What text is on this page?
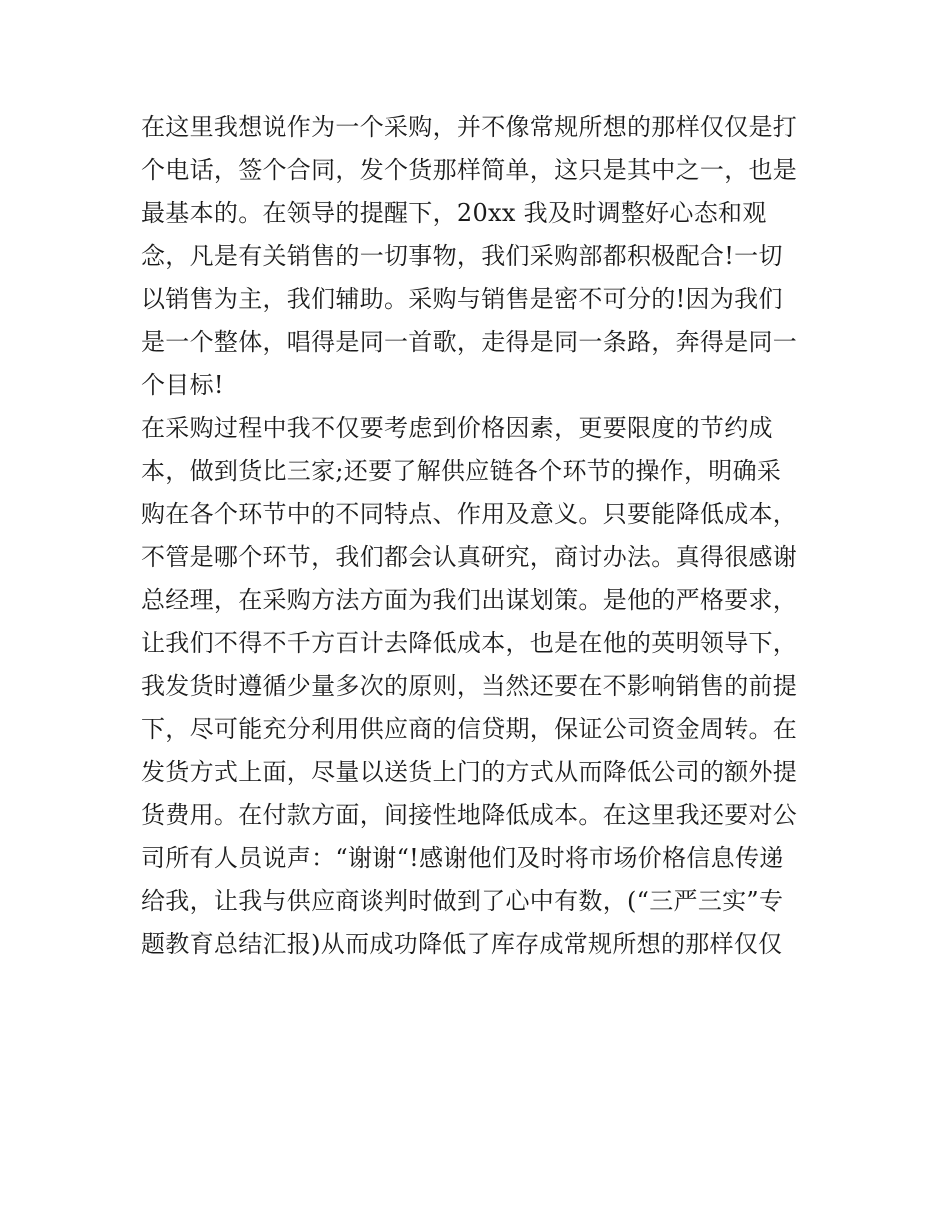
在这里我想说作为一个采购，并不像常规所想的那样仅仅是打
个电话，签个合同，发个货那样简单，这只是其中之一，也是
最基本的。在领导的提醒下，20xx 我及时调整好心态和观
念，凡是有关销售的一切事物，我们采购部都积极配合!一切
以销售为主，我们辅助。采购与销售是密不可分的!因为我们
是一个整体，唱得是同一首歌，走得是同一条路，奔得是同一
个目标!
在采购过程中我不仅要考虑到价格因素，更要限度的节约成
本，做到货比三家;还要了解供应链各个环节的操作，明确采
购在各个环节中的不同特点、作用及意义。只要能降低成本，
不管是哪个环节，我们都会认真研究，商讨办法。真得很感谢
总经理，在采购方法方面为我们出谋划策。是他的严格要求，
让我们不得不千方百计去降低成本，也是在他的英明领导下，
我发货时遵循少量多次的原则，当然还要在不影响销售的前提
下，尽可能充分利用供应商的信贷期，保证公司资金周转。在
发货方式上面，尽量以送货上门的方式从而降低公司的额外提
货费用。在付款方面，间接性地降低成本。在这里我还要对公
司所有人员说声：“谢谢“!感谢他们及时将市场价格信息传递
给我，让我与供应商谈判时做到了心中有数，(“三严三实”专
题教育总结汇报)从而成功降低了库存成常规所想的那样仅仅
